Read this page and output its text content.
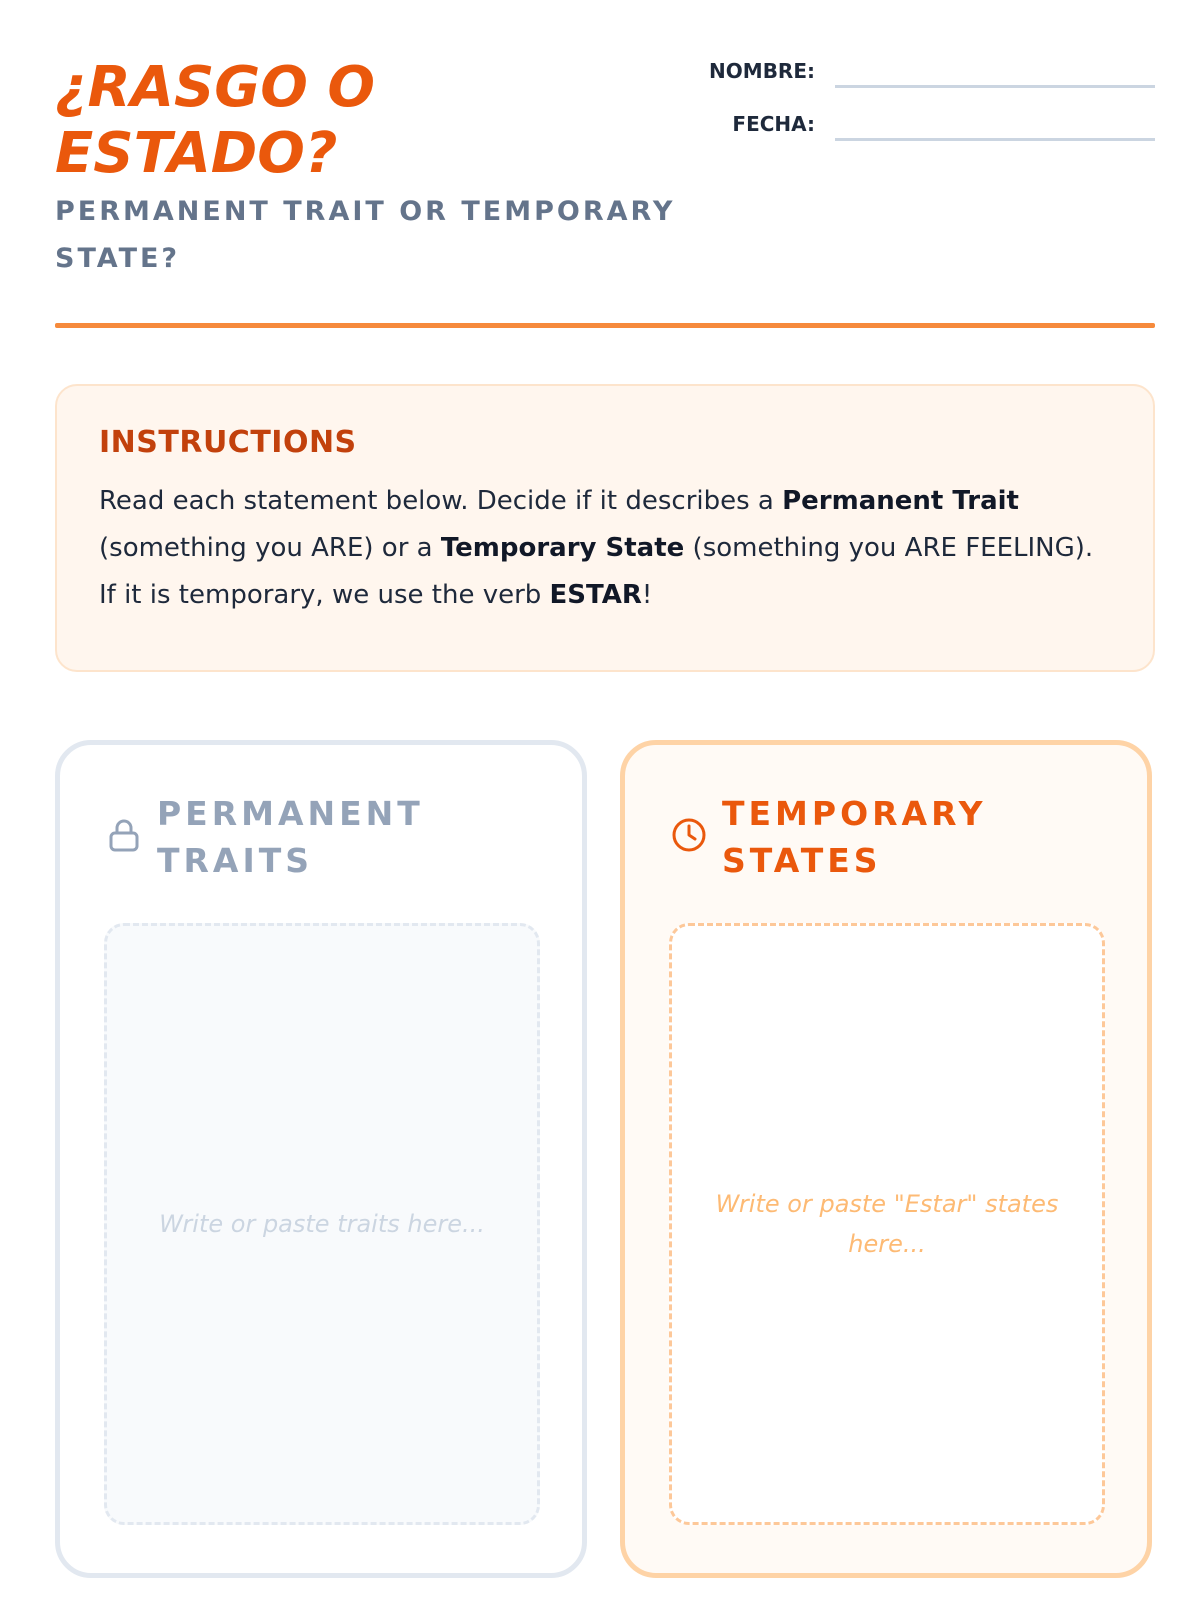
¿RASGO O ESTADO?
PERMANENT TRAIT OR TEMPORARY STATE?
NOMBRE:
FECHA:
INSTRUCTIONS

Read each statement below. Decide if it describes a Permanent Trait (something you ARE) or a Temporary State (something you ARE FEELING). If it is temporary, we use the verb ESTAR!

PERMANENT TRAITS
Write or paste traits here...
TEMPORARY STATES
Write or paste "Estar" states here...
